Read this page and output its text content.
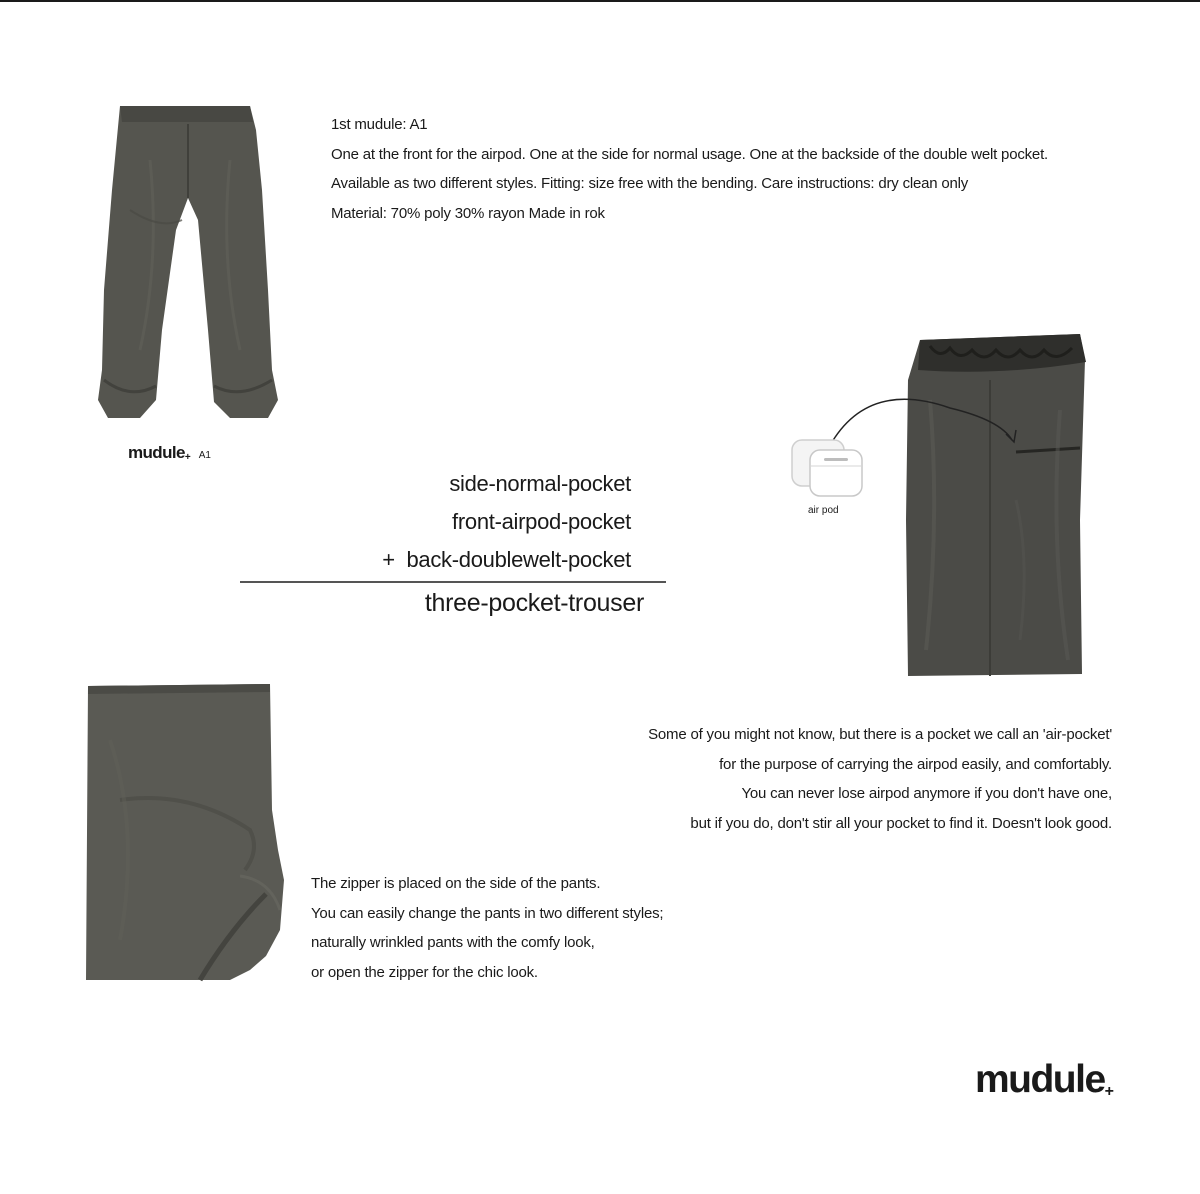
mudule+ A1
1st mudule: A1
One at the front for the airpod. One at the side for normal usage. One at the backside of the double welt pocket.
Available as two different styles. Fitting: size free with the bending. Care instructions: dry clean only
Material: 70% poly 30% rayon Made in rok
side-normal-pocket
front-airpod-pocket
+  back-doublewelt-pocket
three-pocket-trouser
air pod
Some of you might not know, but there is a pocket we call an 'air-pocket'
for the purpose of carrying the airpod easily, and comfortably.
You can never lose airpod anymore if you don't have one,
but if you do, don't stir all your pocket to find it. Doesn't look good.
The zipper is placed on the side of the pants.
You can easily change the pants in two different styles;
naturally wrinkled pants with the comfy look,
or open the zipper for the chic look.
mudule+
